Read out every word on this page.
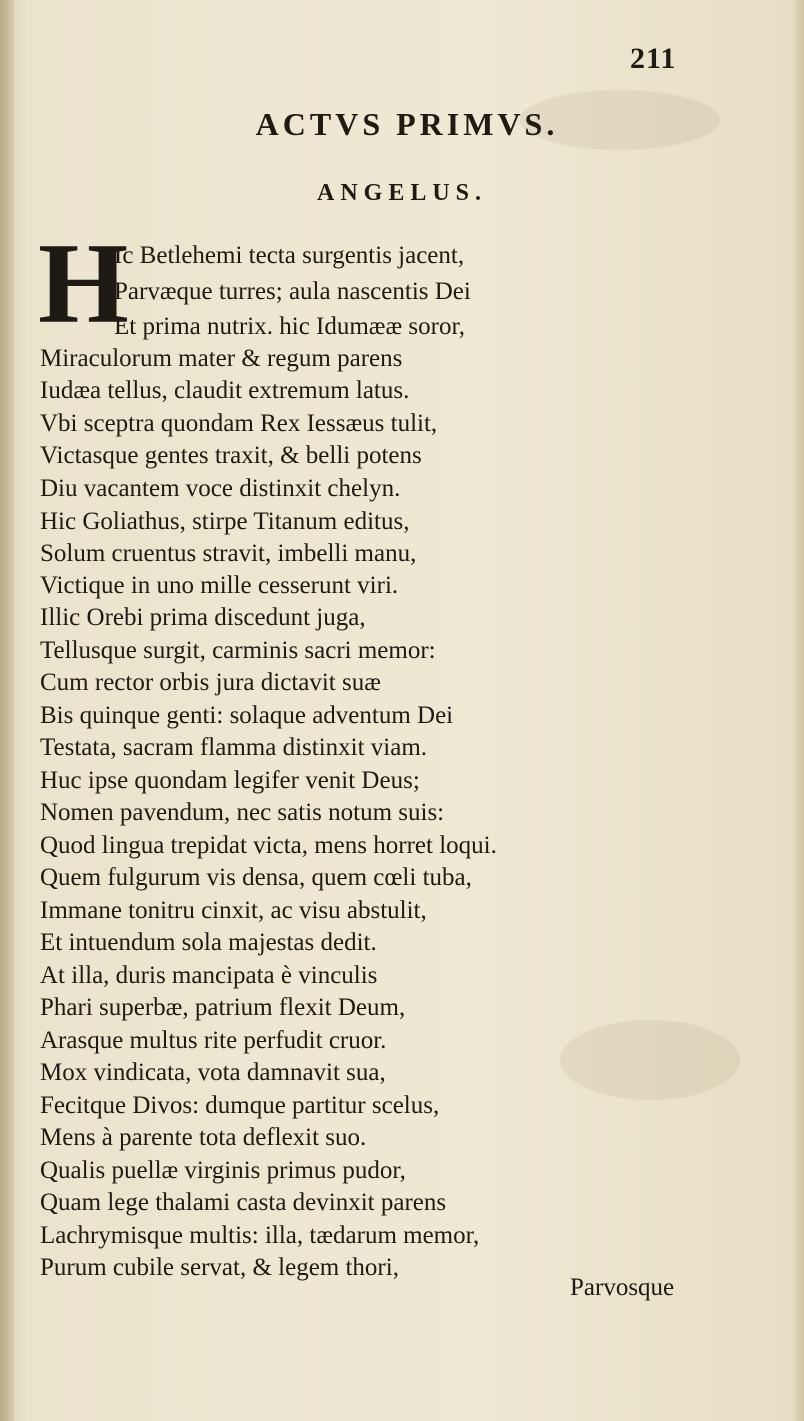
211
ACTVS PRIMVS.
ANGELUS.
H
Ic Betlehemi tecta surgentis jacent,
Parvæque turres; aula nascentis Dei
Et prima nutrix. hic Idumææ soror,
Miraculorum mater & regum parens
Iudæa tellus, claudit extremum latus.
Vbi sceptra quondam Rex Iessæus tulit,
Victasque gentes traxit, & belli potens
Diu vacantem voce distinxit chelyn.
Hic Goliathus, stirpe Titanum editus,
Solum cruentus stravit, imbelli manu,
Victique in uno mille cesserunt viri.
Illic Orebi prima discedunt juga,
Tellusque surgit, carminis sacri memor:
Cum rector orbis jura dictavit suæ
Bis quinque genti: solaque adventum Dei
Testata, sacram flamma distinxit viam.
Huc ipse quondam legifer venit Deus;
Nomen pavendum, nec satis notum suis:
Quod lingua trepidat victa, mens horret loqui.
Quem fulgurum vis densa, quem cœli tuba,
Immane tonitru cinxit, ac visu abstulit,
Et intuendum sola majestas dedit.
At illa, duris mancipata è vinculis
Phari superbæ, patrium flexit Deum,
Arasque multus rite perfudit cruor.
Mox vindicata, vota damnavit sua,
Fecitque Divos: dumque partitur scelus,
Mens à parente tota deflexit suo.
Qualis puellæ virginis primus pudor,
Quam lege thalami casta devinxit parens
Lachrymisque multis: illa, tædarum memor,
Purum cubile servat, & legem thori,
Parvosque
